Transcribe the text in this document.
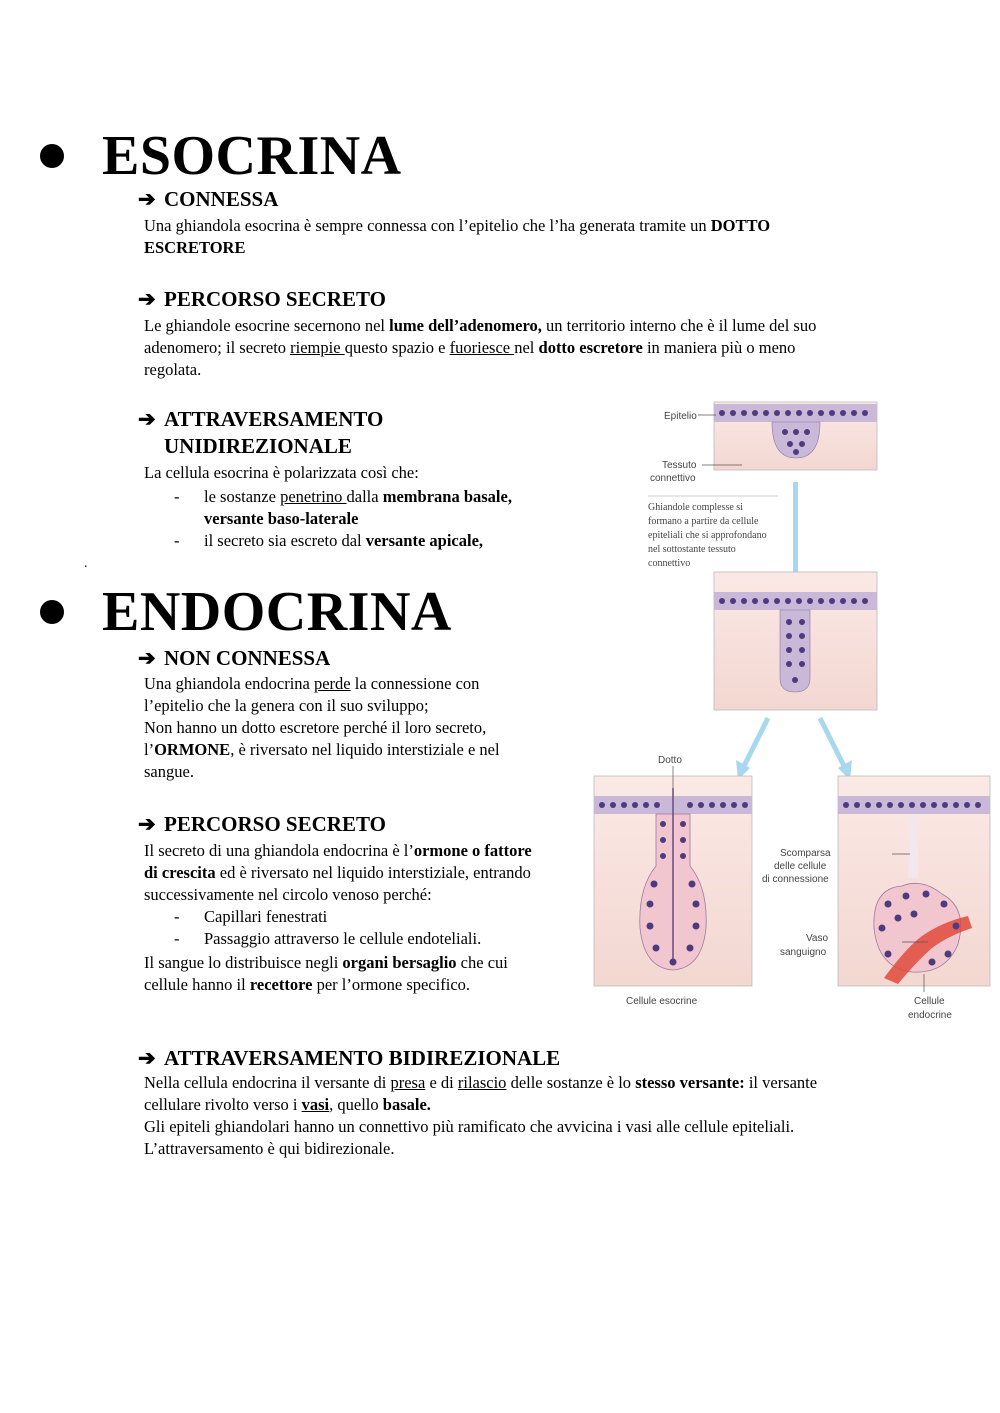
ESOCRINA
➔ CONNESSA
Una ghiandola esocrina è sempre connessa con l’epitelio che l’ha generata tramite un DOTTO
ESCRETORE
➔ PERCORSO SECRETO
Le ghiandole esocrine secernono nel lume dell’adenomero, un territorio interno che è il lume del suo
adenomero; il secreto riempie questo spazio e fuoriesce nel dotto escretore in maniera più o meno
regolata.
➔ ATTRAVERSAMENTO
UNIDIREZIONALE
La cellula esocrina è polarizzata così che:
- le sostanze penetrino dalla membrana basale,
versante baso-laterale
- il secreto sia escreto dal versante apicale,
.
ENDOCRINA
➔ NON CONNESSA
Una ghiandola endocrina perde la connessione con
l’epitelio che la genera con il suo sviluppo;
Non hanno un dotto escretore perché il loro secreto,
l’ORMONE, è riversato nel liquido interstiziale e nel
sangue.
➔ PERCORSO SECRETO
Il secreto di una ghiandola endocrina è l’ormone o fattore
di crescita ed è riversato nel liquido interstiziale, entrando
successivamente nel circolo venoso perché:
- Capillari fenestrati
- Passaggio attraverso le cellule endoteliali.
Il sangue lo distribuisce negli organi bersaglio che cui
cellule hanno il recettore per l’ormone specifico.
➔ ATTRAVERSAMENTO BIDIREZIONALE
Nella cellula endocrina il versante di presa e di rilascio delle sostanze è lo stesso versante: il versante
cellulare rivolto verso i vasi, quello basale.
Gli epiteli ghiandolari hanno un connettivo più ramificato che avvicina i vasi alle cellule epiteliali.
L’attraversamento è qui bidirezionale.
Epitelio
Tessuto
connettivo
Ghiandole complesse si
formano a partire da cellule
epiteliali che si approfondano
nel sottostante tessuto
connettivo
Dotto
Cellule esocrine
Scomparsa
delle cellule
di connessione
Vaso
sanguigno
Cellule
endocrine
